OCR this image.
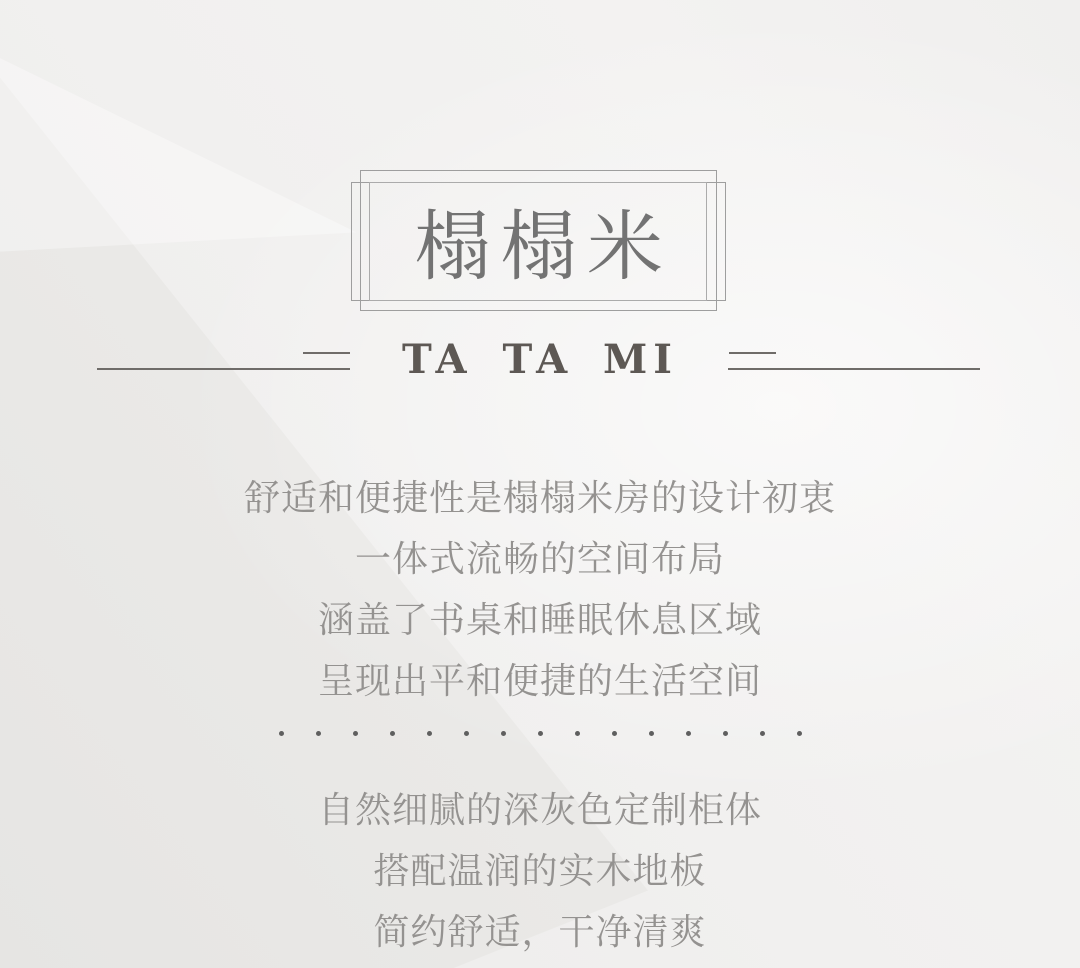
榻榻米
TA TA MI

舒适和便捷性是榻榻米房的设计初衷

一体式流畅的空间布局

涵盖了书桌和睡眠休息区域

呈现出平和便捷的生活空间

自然细腻的深灰色定制柜体

搭配温润的实木地板

简约舒适，干净清爽
